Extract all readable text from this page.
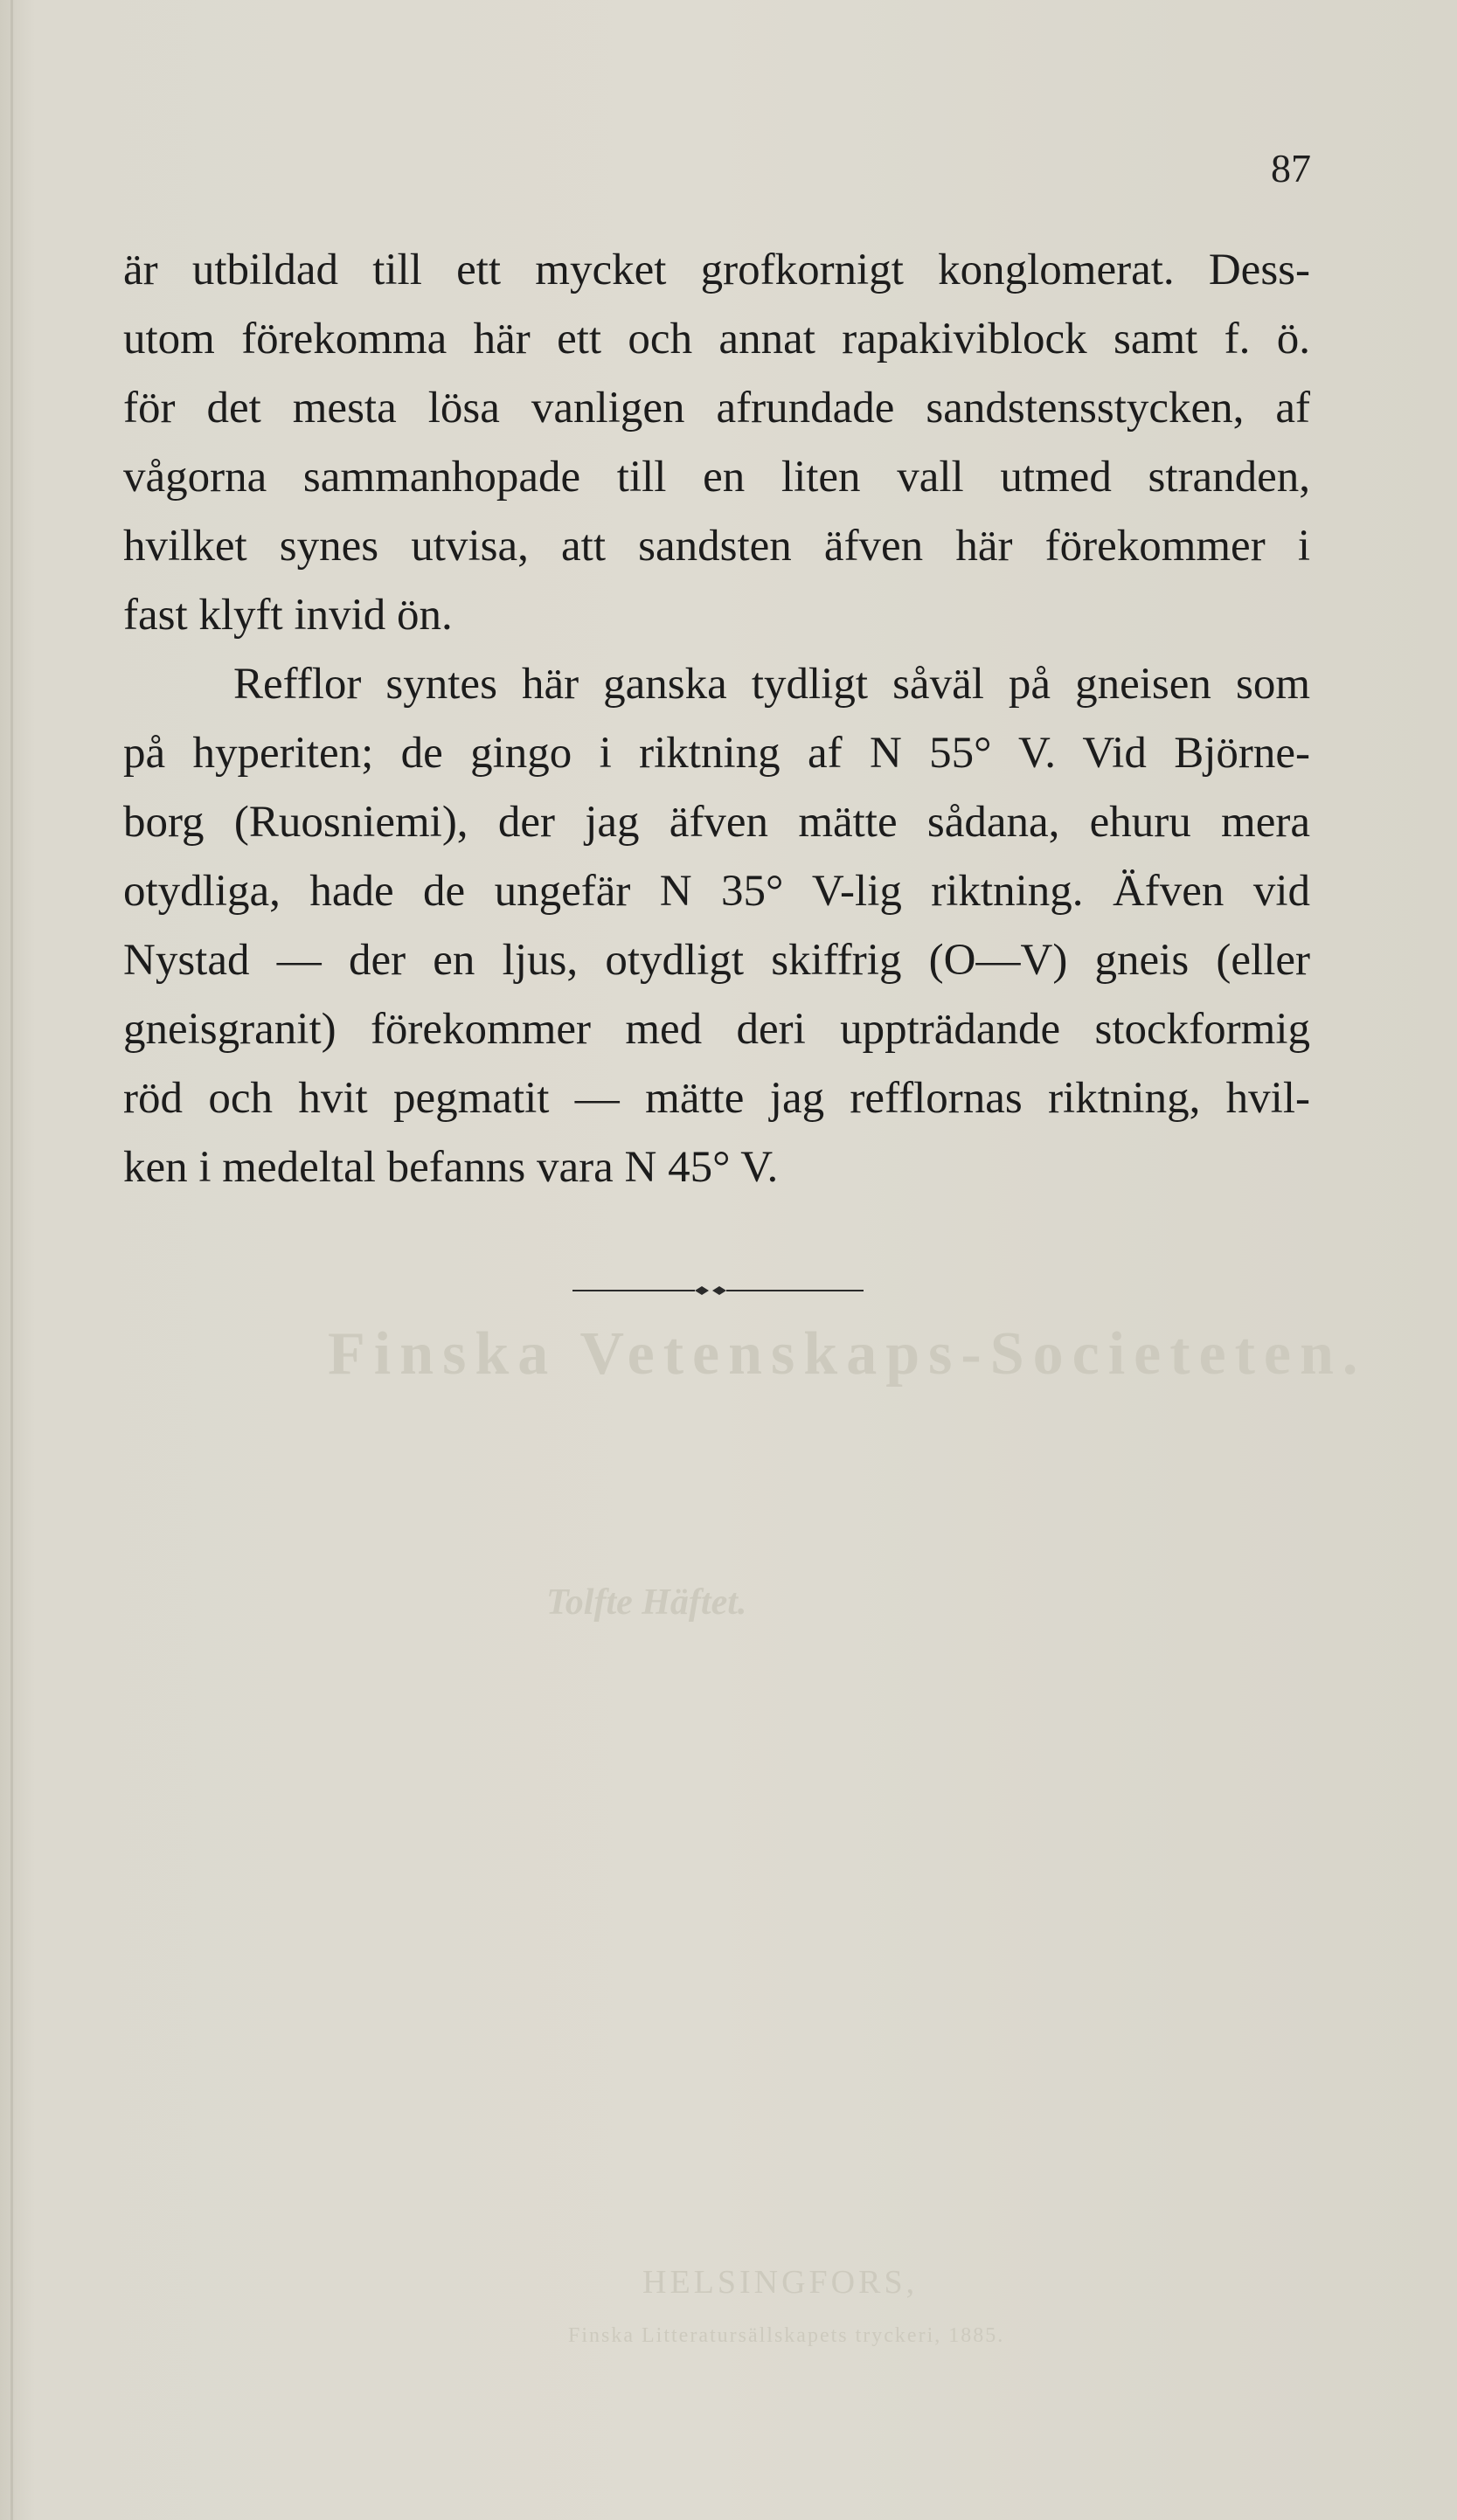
Finska Vetenskaps-Societeten.
Tolfte Häftet.
HELSINGFORS,
Finska Litteratursällskapets tryckeri, 1885.
87
är utbildad till ett mycket grofkornigt konglomerat. Dess-
utom förekomma här ett och annat rapakiviblock samt f. ö.
för det mesta lösa vanligen afrundade sandstensstycken, af
vågorna sammanhopade till en liten vall utmed stranden,
hvilket synes utvisa, att sandsten äfven här förekommer i
fast klyft invid ön.
Refflor syntes här ganska tydligt såväl på gneisen som
på hyperiten; de gingo i riktning af N 55° V. Vid Björne-
borg (Ruosniemi), der jag äfven mätte sådana, ehuru mera
otydliga, hade de ungefär N 35° V-lig riktning. Äfven vid
Nystad — der en ljus, otydligt skiffrig (O—V) gneis (eller
gneisgranit) förekommer med deri uppträdande stockformig
röd och hvit pegmatit — mätte jag refflornas riktning, hvil-
ken i medeltal befanns vara N 45° V.
